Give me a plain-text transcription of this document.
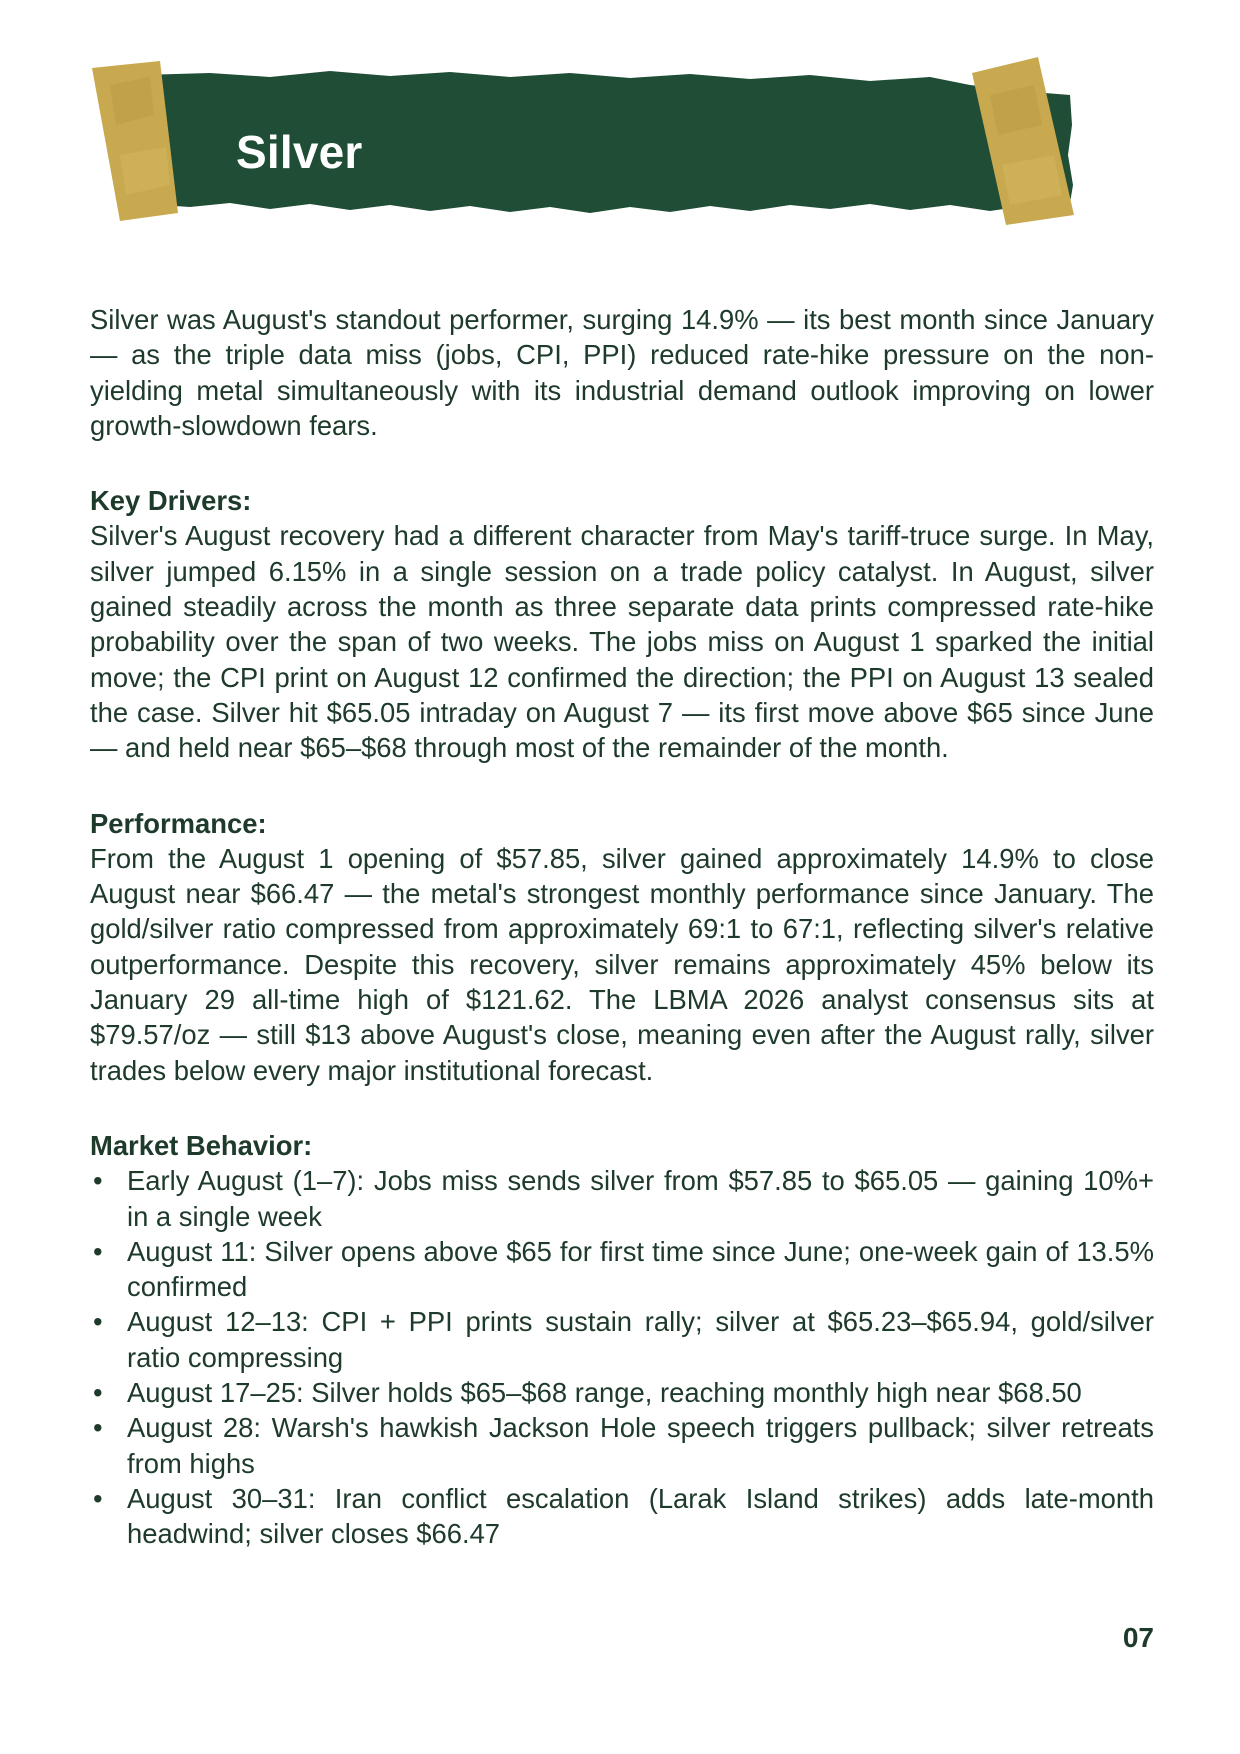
Silver

Silver was August's standout performer, surging 14.9% — its best month since January — as the triple data miss (jobs, CPI, PPI) reduced rate-hike pressure on the non-yielding metal simultaneously with its industrial demand outlook improving on lower growth-slowdown fears.

Key Drivers:

Silver's August recovery had a different character from May's tariff-truce surge. In May, silver jumped 6.15% in a single session on a trade policy catalyst. In August, silver gained steadily across the month as three separate data prints compressed rate-hike probability over the span of two weeks. The jobs miss on August 1 sparked the initial move; the CPI print on August 12 confirmed the direction; the PPI on August 13 sealed the case. Silver hit $65.05 intraday on August 7 — its first move above $65 since June — and held near $65–$68 through most of the remainder of the month.

Performance:

From the August 1 opening of $57.85, silver gained approximately 14.9% to close August near $66.47 — the metal's strongest monthly performance since January. The gold/silver ratio compressed from approximately 69:1 to 67:1, reflecting silver's relative outperformance. Despite this recovery, silver remains approximately 45% below its January 29 all-time high of $121.62. The LBMA 2026 analyst consensus sits at $79.57/oz — still $13 above August's close, meaning even after the August rally, silver trades below every major institutional forecast.

Market Behavior:
• Early August (1–7): Jobs miss sends silver from $57.85 to $65.05 — gaining 10%+ in a single week
• August 11: Silver opens above $65 for first time since June; one-week gain of 13.5% confirmed
• August 12–13: CPI + PPI prints sustain rally; silver at $65.23–$65.94, gold/silver ratio compressing
• August 17–25: Silver holds $65–$68 range, reaching monthly high near $68.50
• August 28: Warsh's hawkish Jackson Hole speech triggers pullback; silver retreats from highs
• August 30–31: Iran conflict escalation (Larak Island strikes) adds late-month headwind; silver closes $66.47
07
